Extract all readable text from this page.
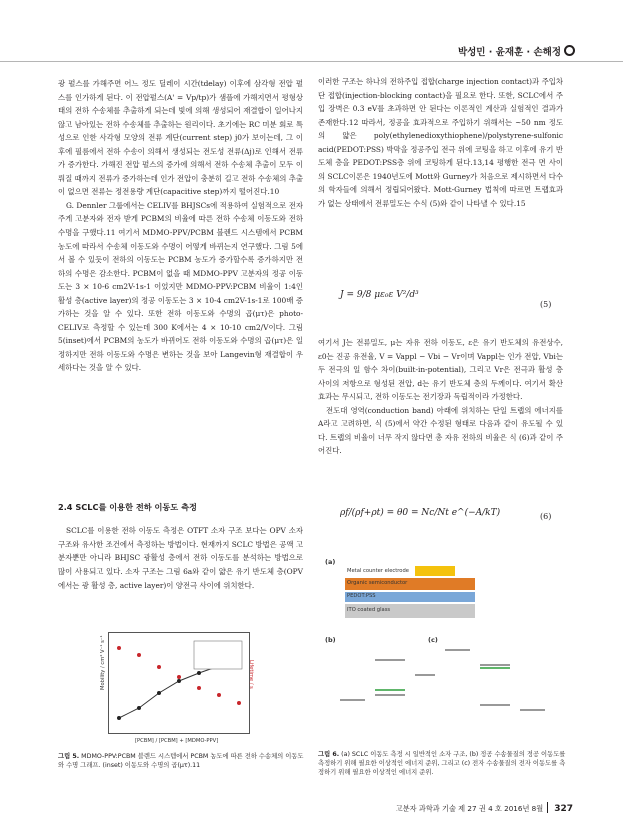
박성민 · 윤재훈 · 손해정

광 펄스를 가해주면 어느 정도 딜레이 시간(tdelay) 이후에 삼각형 전압 펄스를 인가하게 된다. 이 전압펄스(A' = Vp/tp)가 샘플에 가해지면서 평형상태의 전하 수송체를 추출하게 되는데 빛에 의해 생성되어 재결합이 일어나지 않고 남아있는 전하 수송체를 추출하는 원리이다. 초기에는 RC 미분 회로 특성으로 인한 사각형 모양의 전류 계단(current step) j0가 보이는데, 그 이후에 필름에서 전하 수송이 의해서 생성되는 전도성 전류(Δj)로 인해서 전류가 증가한다. 가해진 전압 펄스의 증가에 의해서 전하 수송체 추출이 모두 이뤄질 때까지 전류가 증가하는데 인가 전압이 충분히 길고 전하 수송체의 추출이 없으면 전류는 정전용량 계단(capacitive step)까지 떨어진다.10

G. Dennler 그룹에서는 CELIV를 BHJSCs에 적용하여 실험적으로 전자 주게 고분자와 전자 받게 PCBM의 비율에 따른 전하 수송체 이동도와 전하 수명을 구했다.11 여기서 MDMO-PPV/PCBM 블렌드 시스템에서 PCBM 농도에 따라서 수송체 이동도와 수명이 어떻게 바뀌는지 연구했다. 그림 5에서 볼 수 있듯이 전하의 이동도는 PCBM 농도가 증가할수록 증가하지만 전하의 수명은 감소한다. PCBM이 없을 때 MDMO-PPV 고분자의 정공 이동도는 3 × 10-6 cm2V-1s-1 이었지만 MDMO-PPV:PCBM 비율이 1:4인 활성 층(active layer)의 정공 이동도는 3 × 10-4 cm2V-1s-1로 100배 증가하는 것을 알 수 있다. 또한 전하 이동도와 수명의 곱(μτ)은 photo- CELIV로 측정할 수 있는데 300 K에서는 4 × 10-10 cm2/V이다. 그림 5(inset)에서 PCBM의 농도가 바뀌어도 전하 이동도와 수명의 곱(μτ)은 일정하지만 전하 이동도와 수명은 변하는 것을 보아 Langevin형 재결합이 우세하다는 것을 알 수 있다.

2.4 SCLC를 이용한 전하 이동도 측정

SCLC를 이용한 전하 이동도 측정은 OTFT 소자 구조 보다는 OPV 소자 구조와 유사한 조건에서 측정하는 방법이다. 현재까지 SCLC 방법은 공액 고분자뿐만 아니라 BHJSC 광활성 층에서 전하 이동도를 분석하는 방법으로 많이 사용되고 있다. 소자 구조는 그림 6a와 같이 얇은 유기 반도체 층(OPV에서는 광 활성 층, active layer)이 양전극 사이에 위치한다.

이러한 구조는 하나의 전하주입 접합(charge injection contact)과 주입차단 접합(injection-blocking contact)을 필요로 한다. 또한, SCLC에서 주입 장벽은 0.3 eV를 초과하면 안 된다는 이론적인 계산과 실험적인 결과가 존재한다.12 따라서, 정공을 효과적으로 주입하기 위해서는 ~50 nm 정도의 얇은 poly(ethylenedioxythiophene)/polystyrene-sulfonic acid(PEDOT:PSS) 박막을 정공주입 전극 위에 코팅을 하고 이후에 유기 반도체 층을 PEDOT:PSS층 위에 코팅하게 된다.13,14 평행한 전극 면 사이의 SCLC이론은 1940년도에 Mott와 Gurney가 처음으로 제시하면서 다수의 학자들에 의해서 정립되어왔다. Mott-Gurney 법칙에 따르면 트랩효과가 없는 상태에서 전류밀도는 수식 (5)와 같이 나타낼 수 있다.15

J = 9/8 με₀ε V²/d³
(5)

여기서 J는 전류밀도, μ는 자유 전하 이동도, ε은 유기 반도체의 유전상수, ε0는 진공 유전율, V = Vappl − Vbi − Vr이며 Vappl는 인가 전압, Vbi는 두 전극의 일 함수 차이(built-in-potential), 그리고 Vr은 전극과 활성 층 사이의 저항으로 형성된 전압, d는 유기 반도체 층의 두께이다. 여기서 확산 효과는 무시되고, 전하 이동도는 전기장과 독립적이라 가정한다.

전도대 영역(conduction band) 아래에 위치하는 단일 트랩의 에너지를 A라고 고려하면, 식 (5)에서 약간 수정된 형태로 다음과 같이 유도될 수 있다. 트랩의 비율이 너무 작지 않다면 총 자유 전하의 비율은 식 (6)과 같이 주어진다.

ρf/(ρf+ρt) = θ0 = Nc/Nt e^(−A/kT)	(6)
Mobility / cm² V⁻¹ s⁻¹	Lifetime / s
[PCBM] / [PCBM] + [MDMO-PPV]
그림 5. MDMO-PPV:PCBM 블렌드 시스템에서 PCBM 농도에 따른 전하 수송체의 이동도와 수명 그래프. (inset) 이동도와 수명의 곱(μτ).11
(a)
Metal counter electrode
Organic semiconductor
PEDOT:PSS
ITO coated glass
(b)	(c)
그림 6. (a) SCLC 이동도 측정 시 일반적인 소자 구조, (b) 정공 수송물질의 정공 이동도를 측정하기 위해 필요한 이상적인 에너지 준위, 그리고 (c) 전자 수송물질의 전자 이동도를 측정하기 위해 필요한 이상적인 에너지 준위.
고분자 과학과 기술 제 27 권 4 호 2016년 8월 327
